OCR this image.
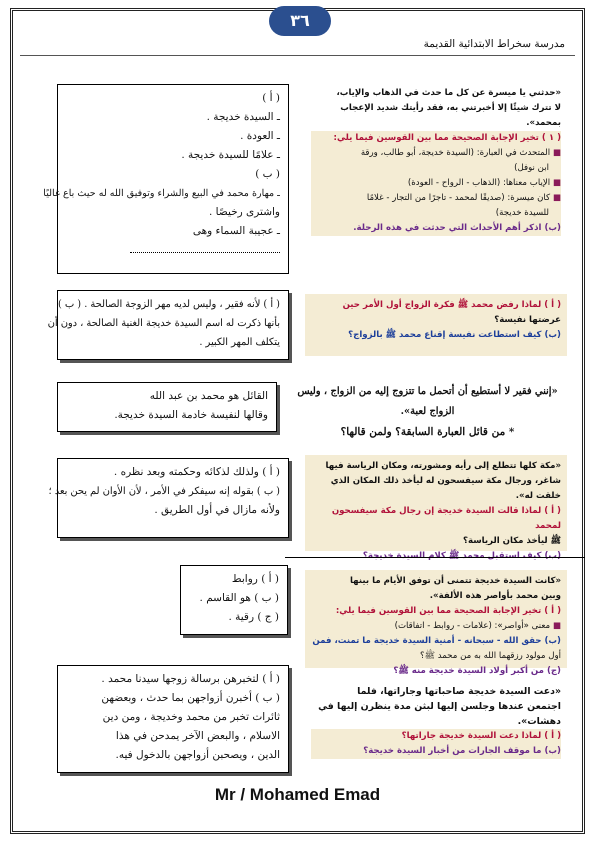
٣٦
مدرسة سخراط الابتدائية القديمة
( أ )
ـ السيدة خديجة .
ـ العودة .
ـ علامًا للسيدة خديجة .
( ب )
ـ مهارة محمد في البيع والشراء وتوفيق الله له حيث باع غاليًا
واشترى رخيصًا .
ـ عجيبة السماء وهى
«حدثني يا ميسرة عن كل ما حدث في الذهاب والإياب،
لا تترك شيئًا إلا أخبرتني به، فقد رأيتك شديد الإعجاب
بمحمد».
( ١ ) تخير الإجابة الصحيحة مما بين القوسين فيما يلي:
■ المتحدث في العبارة: (السيدة خديجة، أبو طالب، ورقة
ابن نوفل)
■ الإياب معناها: (الذهاب - الرواح - العودة)
■ كان ميسرة: (صديقًا لمحمد - تاجرًا من التجار - غلامًا
للسيدة خديجة)
(ب) اذكر أهم الأحداث التي حدثت في هذه الرحلة.
( أ ) لأنه فقير ، وليس لديه مهر الزوجة الصالحة . ( ب )
بأنها ذكرت له اسم السيدة خديجة الغنية الصالحة ، دون أن
يتكلف المهر الكبير .
( أ ) لماذا رفض محمد ﷺ فكرة الزواج أول الأمر حين
عرضتها نفيسة؟
(ب) كيف استطاعت نفيسة إقناع محمد ﷺ بالزواج؟
القائل هو محمد بن عبد الله
وقالها لنفيسة خادمة السيدة خديجة.
«إنني فقير لا أستطيع أن أتحمل ما تتزوج إليه من الزواج ، وليس الزواج لعبة».
* من قائل العبارة السابقة؟ ولمن قالها؟
( أ ) ولذلك لذكائه وحكمته وبعد نظره .
( ب ) بقوله إنه سيفكر في الأمر ، لأن الأوان لم يحن بعد ؛
ولأنه مازال في أول الطريق .
«مكة كلها تتطلع إلى رأيه ومشورته، ومكان الرياسة فيها
شاغر، ورجال مكة سيفسحون له ليأخذ ذلك المكان الذي
خلقت له».
( أ ) لماذا قالت السيدة خديجة إن رجال مكة سيفسحون لمحمد
ﷺ ليأخذ مكان الرياسة؟
(ب) كيف استقبل محمد ﷺ كلام السيدة خديجة؟
( أ ) روابط
( ب ) هو القاسم .
( ج ) رقية .
«كانت السيدة خديجة تتمنى أن توفق الأيام ما بينها
وبين محمد بأواصر هذه الألفة».
( أ ) تخير الإجابة الصحيحة مما بين القوسين فيما يلي:
■ معنى «أواصر»: (علامات - روابط - اتفاقات)
(ب) حقق الله - سبحانه - أمنية السيدة خديجة ما تمنت، فمن
أول مولود رزقهما الله به من محمد ﷺ؟
(ج) من أكبر أولاد السيدة خديجة منه ﷺ؟
( أ ) لتخبرهن برسالة زوجها سيدنا محمد .
( ب ) أخبرن أزواجهن بما حدث ، وبعضهن
ثائرات تخبر من محمد وخديجة ، ومن دين
الاسلام ، والبعض الآخر يمدحن في هذا
الدين ، ويصحبن أزواجهن بالدخول فيه.
«دعت السيدة خديجة صاحباتها وجاراتها، فلما
اجتمعن عندها وجلسن إليها لبثن مدة ينظرن إليها في
دهشات».
( أ ) لماذا دعت السيدة خديجة جاراتها؟
(ب) ما موقف الجارات من أخبار السيدة خديجة؟
Mr / Mohamed Emad
